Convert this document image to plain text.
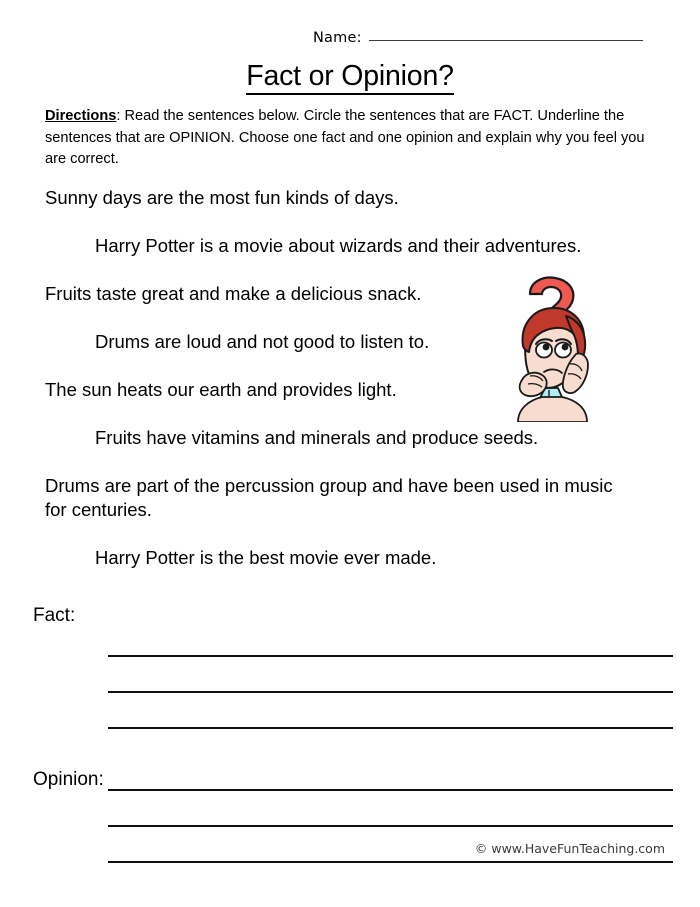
Name:
Fact or Opinion?
Directions: Read the sentences below. Circle the sentences that are FACT. Underline the sentences that are OPINION. Choose one fact and one opinion and explain why you feel you are correct.
Sunny days are the most fun kinds of days.
Harry Potter is a movie about wizards and their adventures.
Fruits taste great and make a delicious snack.
Drums are loud and not good to listen to.
The sun heats our earth and provides light.
Fruits have vitamins and minerals and produce seeds.
Drums are part of the percussion group and have been used in music for centuries.
Harry Potter is the best movie ever made.
Fact:
Opinion:
© www.HaveFunTeaching.com
